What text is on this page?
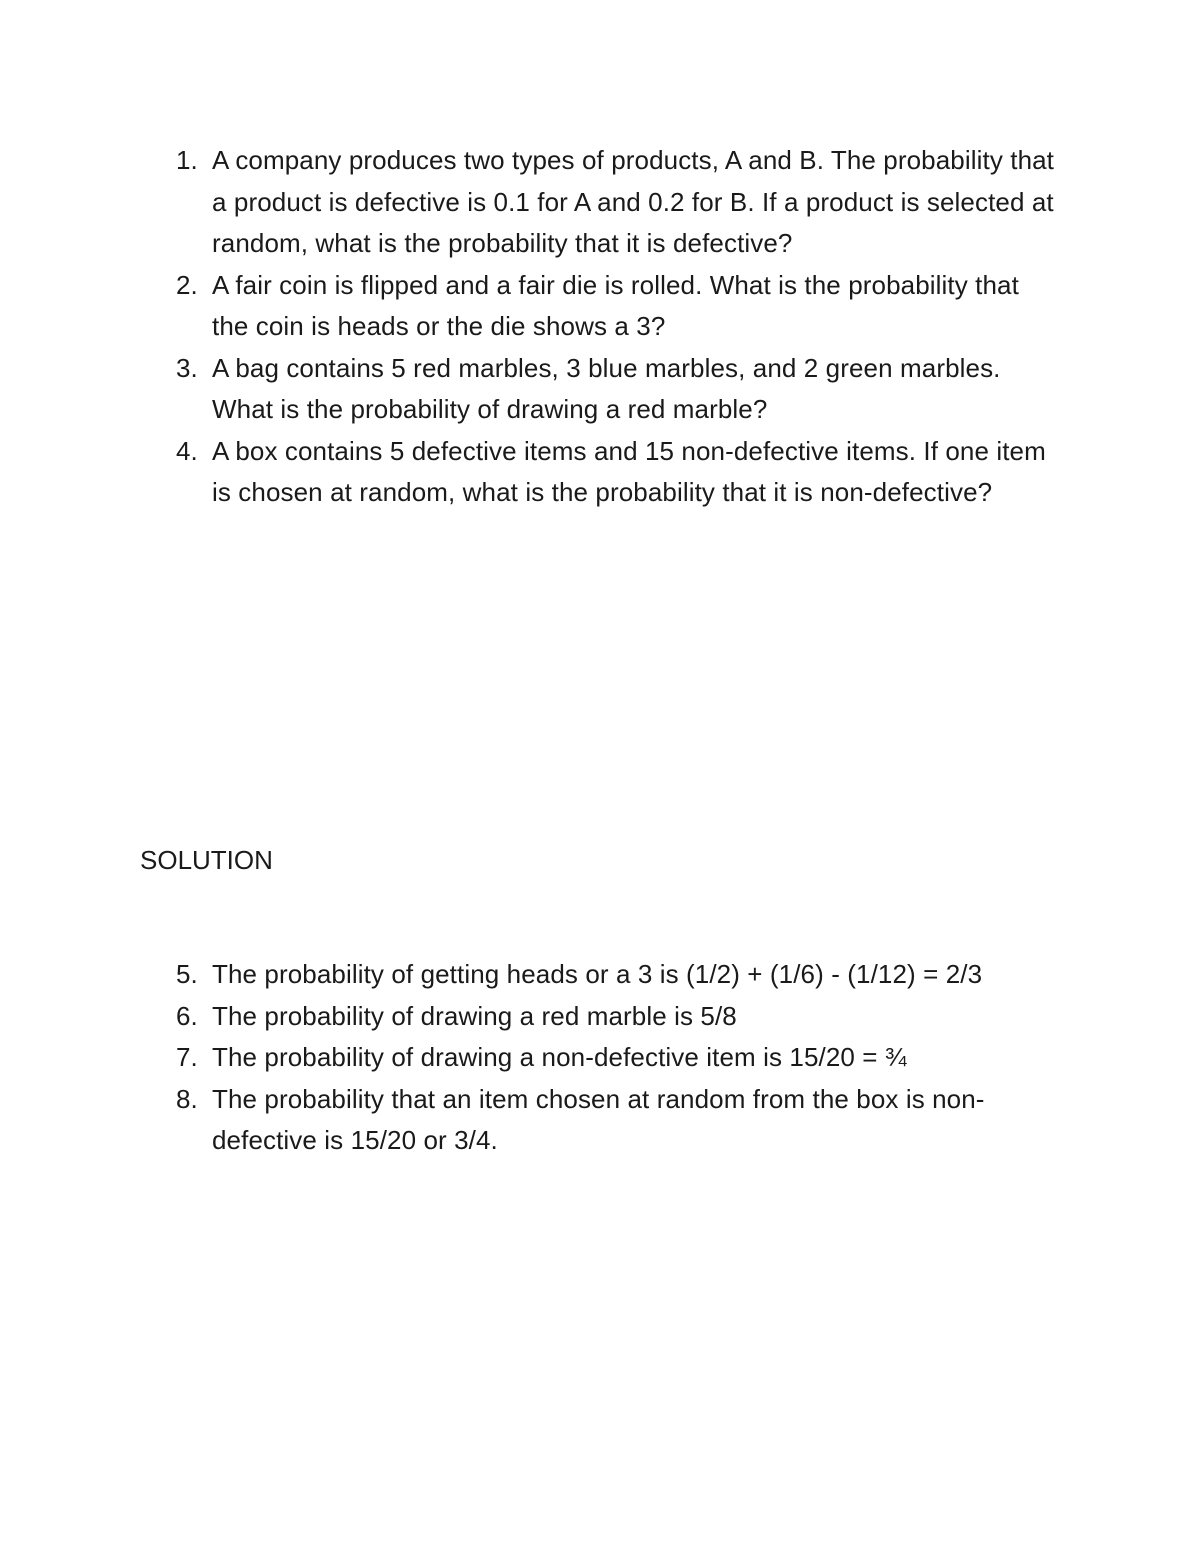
1. A company produces two types of products, A and B. The probability that a product is defective is 0.1 for A and 0.2 for B. If a product is selected at random, what is the probability that it is defective?
2. A fair coin is flipped and a fair die is rolled. What is the probability that the coin is heads or the die shows a 3?
3. A bag contains 5 red marbles, 3 blue marbles, and 2 green marbles. What is the probability of drawing a red marble?
4. A box contains 5 defective items and 15 non-defective items. If one item is chosen at random, what is the probability that it is non-defective?
SOLUTION
5. The probability of getting heads or a 3 is (1/2) + (1/6) - (1/12) = 2/3
6. The probability of drawing a red marble is 5/8
7. The probability of drawing a non-defective item is 15/20 = ¾
8. The probability that an item chosen at random from the box is non-defective is 15/20 or 3/4.
